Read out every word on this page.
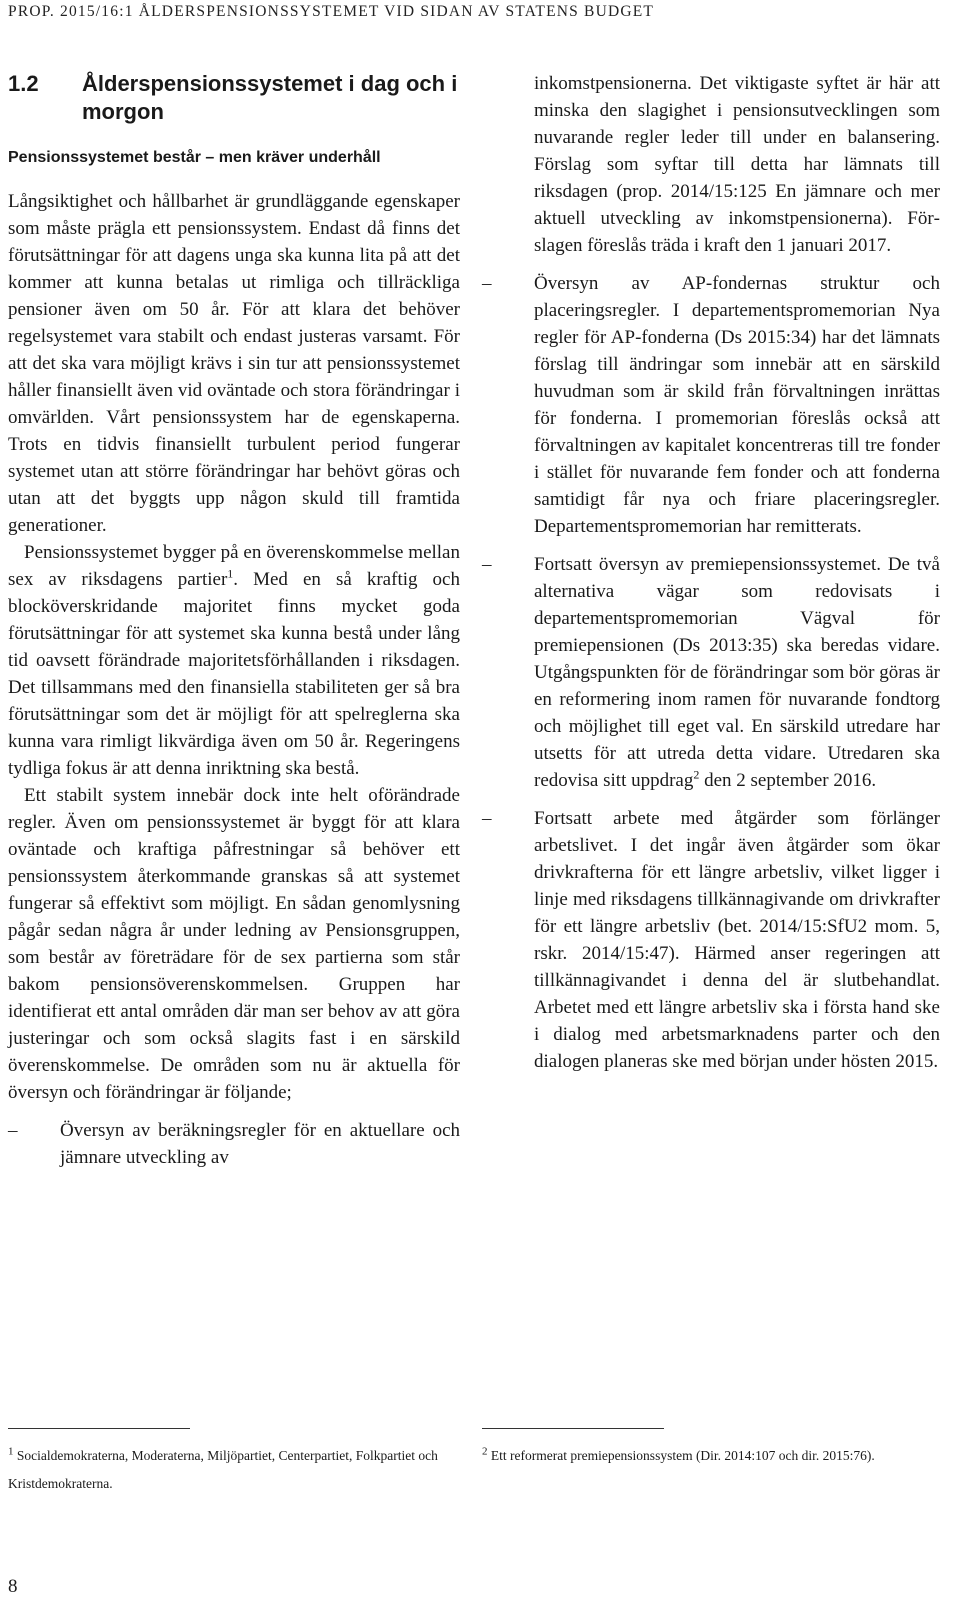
PROP. 2015/16:1 ÅLDERSPENSIONSSYSTEMET VID SIDAN AV STATENS BUDGET
1.2	Ålderspensionssystemet i dag och i morgon
Pensionssystemet består – men kräver underhåll

Långsiktighet och hållbarhet är grundläggande egenskaper som måste prägla ett pensionssystem. Endast då finns det förutsättningar för att dagens unga ska kunna lita på att det kommer att kunna betalas ut rimliga och tillräckliga pensioner även om 50 år. För att klara det behöver regelsystemet vara stabilt och endast justeras varsamt. För att det ska vara möjligt krävs i sin tur att pensionssystemet håller finansiellt även vid oväntade och stora förändringar i omvärlden. Vårt pensionssystem har de egenskaperna. Trots en tidvis finansiellt turbulent period fungerar systemet utan att större förändringar har behövt göras och utan att det byggts upp någon skuld till framtida generationer.

Pensionssystemet bygger på en överenskommelse mellan sex av riksdagens partier$^1$. Med en så kraftig och blocköverskridande majoritet finns mycket goda förutsättningar för att systemet ska kunna bestå under lång tid oavsett förändrade majoritetsförhållanden i riksdagen. Det tillsammans med den finansiella stabiliteten ger så bra förutsättningar som det är möjligt för att spelreglerna ska kunna vara rimligt likvärdiga även om 50 år. Regeringens tydliga fokus är att denna inriktning ska bestå.

Ett stabilt system innebär dock inte helt oförändrade regler. Även om pensionssystemet är byggt för att klara oväntade och kraftiga påfrestningar så behöver ett pensionssystem återkommande granskas så att systemet fungerar så effektivt som möjligt. En sådan genomlysning pågår sedan några år under ledning av Pensionsgruppen, som består av företrädare för de sex partierna som står bakom pensionsöverenskommelsen. Gruppen har identifierat ett antal områden där man ser behov av att göra justeringar och som också slagits fast i en särskild överenskommelse. De områden som nu är aktuella för översyn och förändringar är följande;

–	Översyn av beräkningsregler för en aktuellare och jämnare utveckling av

inkomstpensionerna. Det viktigaste syftet är här att minska den slagighet i pensionsutvecklingen som nuvarande regler leder till under en balansering. Förslag som syftar till detta har lämnats till riksdagen (prop. 2014/15:125 En jämnare och mer aktuell utveckling av inkomstpensionerna). Förslagen föreslås träda i kraft den 1 januari 2017.

–	Översyn av AP-fondernas struktur och placeringsregler. I departementspromemorian Nya regler för AP-fonderna (Ds 2015:34) har det lämnats förslag till ändringar som innebär att en särskild huvudman som är skild från förvaltningen inrättas för fonderna. I promemorian föreslås också att förvaltningen av kapitalet koncentreras till tre fonder i stället för nuvarande fem fonder och att fonderna samtidigt får nya och friare placeringsregler. Departementspromemorian har remitterats.

–	Fortsatt översyn av premiepensionssystemet. De två alternativa vägar som redovisats i departementspromemorian Vägval för premiepensionen (Ds 2013:35) ska beredas vidare. Utgångspunkten för de förändringar som bör göras är en reformering inom ramen för nuvarande fondtorg och möjlighet till eget val. En särskild utredare har utsetts för att utreda detta vidare. Utredaren ska redovisa sitt uppdrag$^2$ den 2 september 2016.

–	Fortsatt arbete med åtgärder som förlänger arbetslivet. I det ingår även åtgärder som ökar drivkrafterna för ett längre arbetsliv, vilket ligger i linje med riksdagens tillkännagivande om drivkrafter för ett längre arbetsliv (bet. 2014/15:SfU2 mom. 5, rskr. 2014/15:47). Härmed anser regeringen att tillkännagivandet i denna del är slutbehandlat. Arbetet med ett längre arbetsliv ska i första hand ske i dialog med arbetsmarknadens parter och den dialogen planeras ske med början under hösten 2015.

$^1$ Socialdemokraterna, Moderaterna, Miljöpartiet, Centerpartiet, Folkpartiet och Kristdemokraterna.
$^2$ Ett reformerat premiepensionssystem (Dir. 2014:107 och dir. 2015:76).
8
